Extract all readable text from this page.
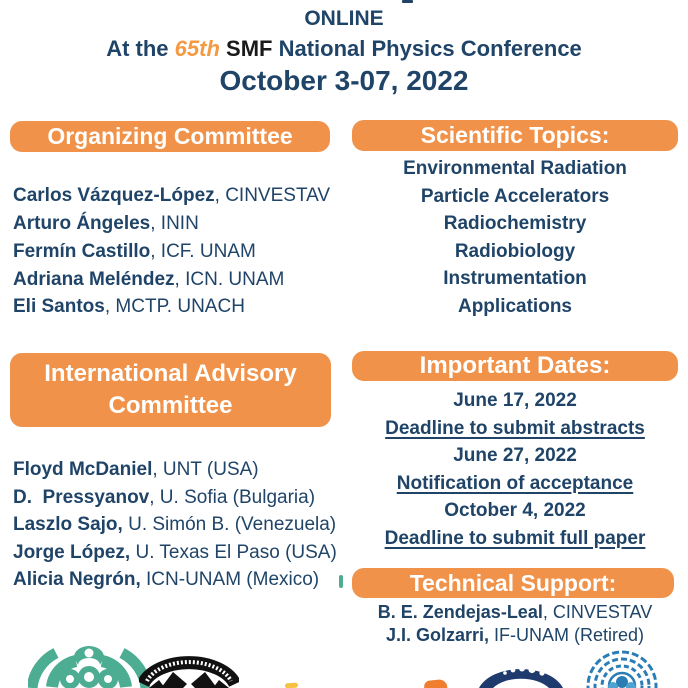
ONLINE
At the 65th SMF National Physics Conference
October 3-07, 2022
Organizing Committee
Carlos Vázquez-López, CINVESTAV
Arturo Ángeles, ININ
Fermín Castillo, ICF. UNAM
Adriana Meléndez, ICN. UNAM
Eli Santos, MCTP. UNACH
Scientific Topics:
Environmental Radiation
Particle Accelerators
Radiochemistry
Radiobiology
Instrumentation
Applications
International Advisory
Committee
Floyd McDaniel, UNT (USA)
D.  Pressyanov, U. Sofia (Bulgaria)
Laszlo Sajo, U. Simón B. (Venezuela)
Jorge López, U. Texas El Paso (USA)
Alicia Negrón, ICN-UNAM (Mexico)
Important Dates:
June 17, 2022
Deadline to submit abstracts
June 27, 2022
Notification of acceptance
October 4, 2022
Deadline to submit full paper
Technical Support:
B. E. Zendejas-Leal, CINVESTAV
J.I. Golzarri, IF-UNAM (Retired)
